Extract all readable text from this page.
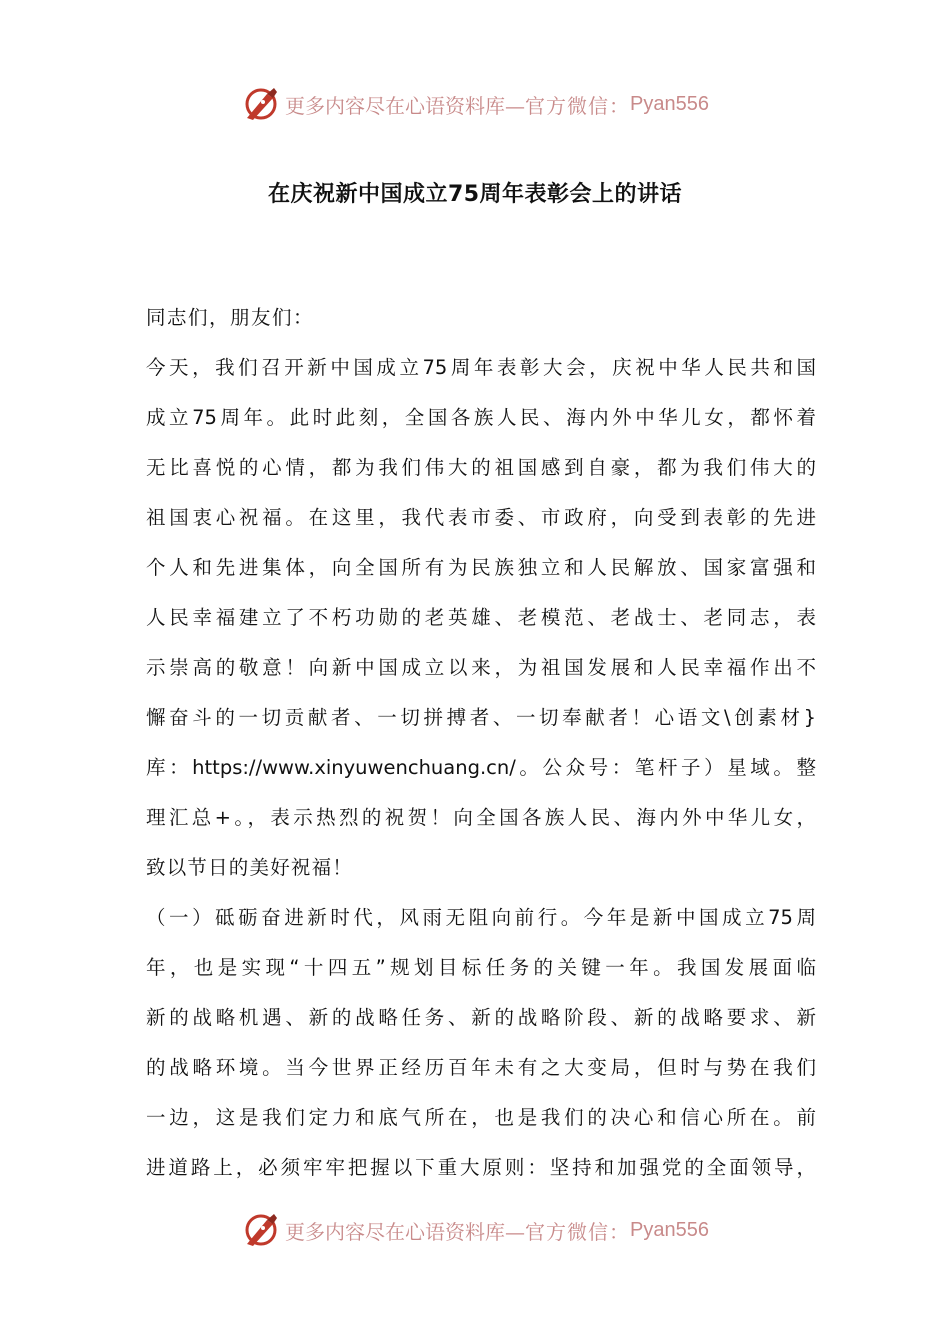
更多内容尽在心语资料库— 官方微信： Pyan556
在庆祝新中国成立75周年表彰会上的讲话
同志们，朋友们：
今天，我们召开新中国成立75周年表彰大会，庆祝中华人民共和国
成立75周年。此时此刻，全国各族人民、海内外中华儿女，都怀着
无比喜悦的心情，都为我们伟大的祖国感到自豪，都为我们伟大的
祖国衷心祝福。在这里，我代表市委、市政府，向受到表彰的先进
个人和先进集体，向全国所有为民族独立和人民解放、国家富强和
人民幸福建立了不朽功勋的老英雄、老模范、老战士、老同志，表
示崇高的敬意！向新中国成立以来，为祖国发展和人民幸福作出不
懈奋斗的一切贡献者、一切拼搏者、一切奉献者！心语文\创素材}
库：https://www.xinyuwenchuang.cn/。公众号：笔杆子）星域。整
理汇总+。，表示热烈的祝贺！向全国各族人民、海内外中华儿女，
致以节日的美好祝福！
（一）砥砺奋进新时代，风雨无阻向前行。今年是新中国成立75周
年，也是实现“十四五”规划目标任务的关键一年。我国发展面临
新的战略机遇、新的战略任务、新的战略阶段、新的战略要求、新
的战略环境。当今世界正经历百年未有之大变局，但时与势在我们
一边，这是我们定力和底气所在，也是我们的决心和信心所在。前
进道路上，必须牢牢把握以下重大原则：坚持和加强党的全面领导，
更多内容尽在心语资料库— 官方微信： Pyan556
